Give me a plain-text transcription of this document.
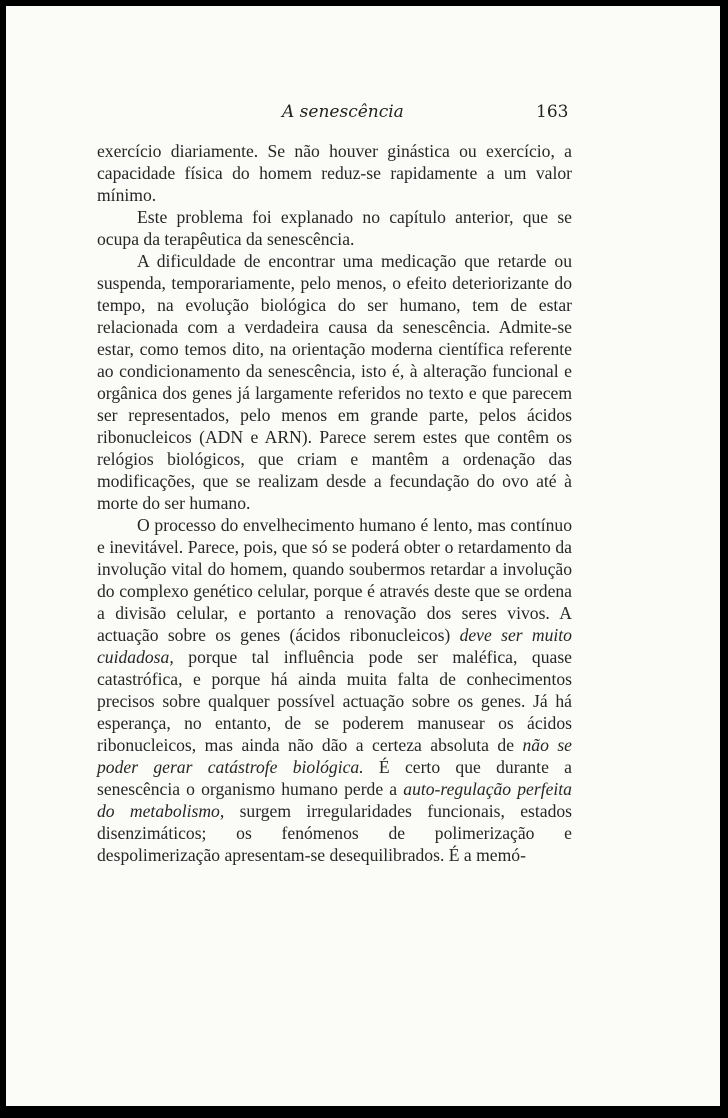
A senescência	163

exercício diariamente. Se não houver ginástica ou exercício, a capacidade física do homem reduz-se rapidamente a um valor mínimo.

Este problema foi explanado no capítulo anterior, que se ocupa da terapêutica da senescência.

A dificuldade de encontrar uma medicação que retarde ou suspenda, temporariamente, pelo menos, o efeito deteriorizante do tempo, na evolução biológica do ser humano, tem de estar relacionada com a verdadeira causa da senescência. Admite-se estar, como temos dito, na orientação moderna científica referente ao condicionamento da senescência, isto é, à alteração funcional e orgânica dos genes já largamente referidos no texto e que parecem ser representados, pelo menos em grande parte, pelos ácidos ribonucleicos (ADN e ARN). Parece serem estes que contêm os relógios biológicos, que criam e mantêm a ordenação das modificações, que se realizam desde a fecundação do ovo até à morte do ser humano.

O processo do envelhecimento humano é lento, mas contínuo e inevitável. Parece, pois, que só se poderá obter o retardamento da involução vital do homem, quando soubermos retardar a involução do complexo genético celular, porque é através deste que se ordena a divisão celular, e portanto a renovação dos seres vivos. A actuação sobre os genes (ácidos ribonucleicos) deve ser muito cuidadosa, porque tal influência pode ser maléfica, quase catastrófica, e porque há ainda muita falta de conhecimentos precisos sobre qualquer possível actuação sobre os genes. Já há esperança, no entanto, de se poderem manusear os ácidos ribonucleicos, mas ainda não dão a certeza absoluta de não se poder gerar catástrofe biológica. É certo que durante a senescência o organismo humano perde a auto-regulação perfeita do metabolismo, surgem irregularidades funcionais, estados disenzimáticos; os fenómenos de polimerização e despolimerização apresentam-se desequilibrados. É a memó-
